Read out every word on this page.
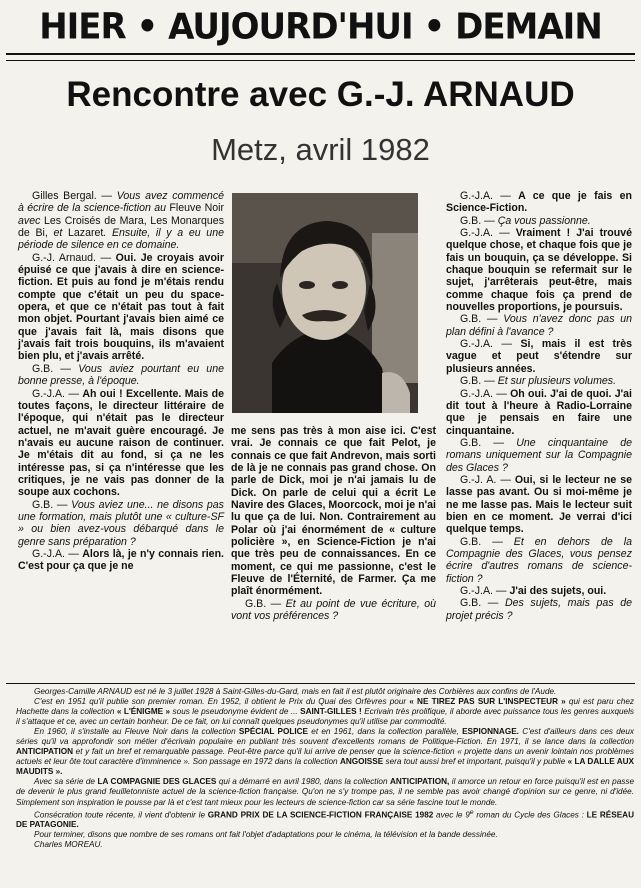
HIER • AUJOURD'HUI • DEMAIN
Rencontre avec G.-J. ARNAUD
Metz, avril 1982

Gilles Bergal. — Vous avez commencé à écrire de la science-fiction au Fleuve Noir avec Les Croisés de Mara, Les Monarques de Bi, et Lazaret. Ensuite, il y a eu une période de silence en ce domaine.

G.-J. Arnaud. — Oui. Je croyais avoir épuisé ce que j'avais à dire en science-fiction. Et puis au fond je m'étais rendu compte que c'était un peu du space-opera, et que ce n'était pas tout à fait mon objet. Pourtant j'avais bien aimé ce que j'avais fait là, mais disons que j'avais fait trois bouquins, ils m'avaient bien plu, et j'avais arrêté.

G.B. — Vous aviez pourtant eu une bonne presse, à l'époque.

G.-J.A. — Ah oui ! Excellente. Mais de toutes façons, le directeur littéraire de l'époque, qui n'était pas le directeur actuel, ne m'avait guère encouragé. Je n'avais eu aucune raison de continuer. Je m'étais dit au fond, si ça ne les intéresse pas, si ça n'intéresse que les critiques, je ne vais pas donner de la soupe aux cochons.

G.B. — Vous aviez une... ne disons pas une formation, mais plutôt une « culture-SF » ou bien avez-vous débarqué dans le genre sans préparation ?

G.-J.A. — Alors là, je n'y connais rien. C'est pour ça que je ne

me sens pas très à mon aise ici. C'est vrai. Je connais ce que fait Pelot, je connais ce que fait Andrevon, mais sorti de là je ne connais pas grand chose. On parle de Dick, moi je n'ai jamais lu de Dick. On parle de celui qui a écrit Le Navire des Glaces, Moorcock, moi je n'ai lu que ça de lui. Non. Contrairement au Polar où j'ai énormément de « culture policière », en Science-Fiction je n'ai que très peu de connaissances. En ce moment, ce qui me passionne, c'est le Fleuve de l'Éternité, de Farmer. Ça me plaît énormément.

G.B. — Et au point de vue écriture, où vont vos préférences ?

G.-J.A. — A ce que je fais en Science-Fiction.

G.B. — Ça vous passionne.

G.-J.A. — Vraiment ! J'ai trouvé quelque chose, et chaque fois que je fais un bouquin, ça se développe. Si chaque bouquin se refermait sur le sujet, j'arrêterais peut-être, mais comme chaque fois ça prend de nouvelles proportions, je poursuis.

G.B. — Vous n'avez donc pas un plan défini à l'avance ?

G.-J.A. — Si, mais il est très vague et peut s'étendre sur plusieurs années.

G.B. — Et sur plusieurs volumes.

G.-J.A. — Oh oui. J'ai de quoi. J'ai dit tout à l'heure à Radio-Lorraine que je pensais en faire une cinquantaine.

G.B. — Une cinquantaine de romans uniquement sur la Compagnie des Glaces ?

G.-J. A. — Oui, si le lecteur ne se lasse pas avant. Ou si moi-même je ne me lasse pas. Mais le lecteur suit bien en ce moment. Je verrai d'ici quelque temps.

G.B. — Et en dehors de la Compagnie des Glaces, vous pensez écrire d'autres romans de science-fiction ?

G.-J.A. — J'ai des sujets, oui.

G.B. — Des sujets, mais pas de projet précis ?

Georges-Camille ARNAUD est né le 3 juillet 1928 à Saint-Gilles-du-Gard, mais en fait il est plutôt originaire des Corbières aux confins de l'Aude.

C'est en 1951 qu'il publie son premier roman. En 1952, il obtient le Prix du Quai des Orfèvres pour « NE TIREZ PAS SUR L'INSPECTEUR » qui est paru chez Hachette dans la collection « L'ÉNIGME » sous le pseudonyme évident de ... SAINT-GILLES ! Ecrivain très prolifique, il aborde avec puissance tous les genres auxquels il s'attaque et ce, avec un certain bonheur. De ce fait, on lui connaît quelques pseudonymes qu'il utilise par commodité.

En 1960, il s'installe au Fleuve Noir dans la collection SPÉCIAL POLICE et en 1961, dans la collection parallèle, ESPIONNAGE. C'est d'ailleurs dans ces deux séries qu'il va approfondir son métier d'écrivain populaire en publiant très souvent d'excellents romans de Politique-Fiction. En 1971, il se lance dans la collection ANTICIPATION et y fait un bref et remarquable passage. Peut-être parce qu'il lui arrive de penser que la science-fiction « projette dans un avenir lointain nos problèmes actuels et leur ôte tout caractère d'imminence ». Son passage en 1972 dans la collection ANGOISSE sera tout aussi bref et important, puisqu'il y publie « LA DALLE AUX MAUDITS ».

Avec sa série de LA COMPAGNIE DES GLACES qui a démarré en avril 1980, dans la collection ANTICIPATION, il amorce un retour en force puisqu'il est en passe de devenir le plus grand feuilletonniste actuel de la science-fiction française. Qu'on ne s'y trompe pas, il ne semble pas avoir changé d'opinion sur ce genre, ni d'idée. Simplement son inspiration le pousse par là et c'est tant mieux pour les lecteurs de science-fiction car sa série fascine tout le monde.

Consécration toute récente, il vient d'obtenir le GRAND PRIX DE LA SCIENCE-FICTION FRANÇAISE 1982 avec le 9e roman du Cycle des Glaces : LE RÉSEAU DE PATAGONIE.

Pour terminer, disons que nombre de ses romans ont fait l'objet d'adaptations pour le cinéma, la télévision et la bande dessinée.

Charles MOREAU.
